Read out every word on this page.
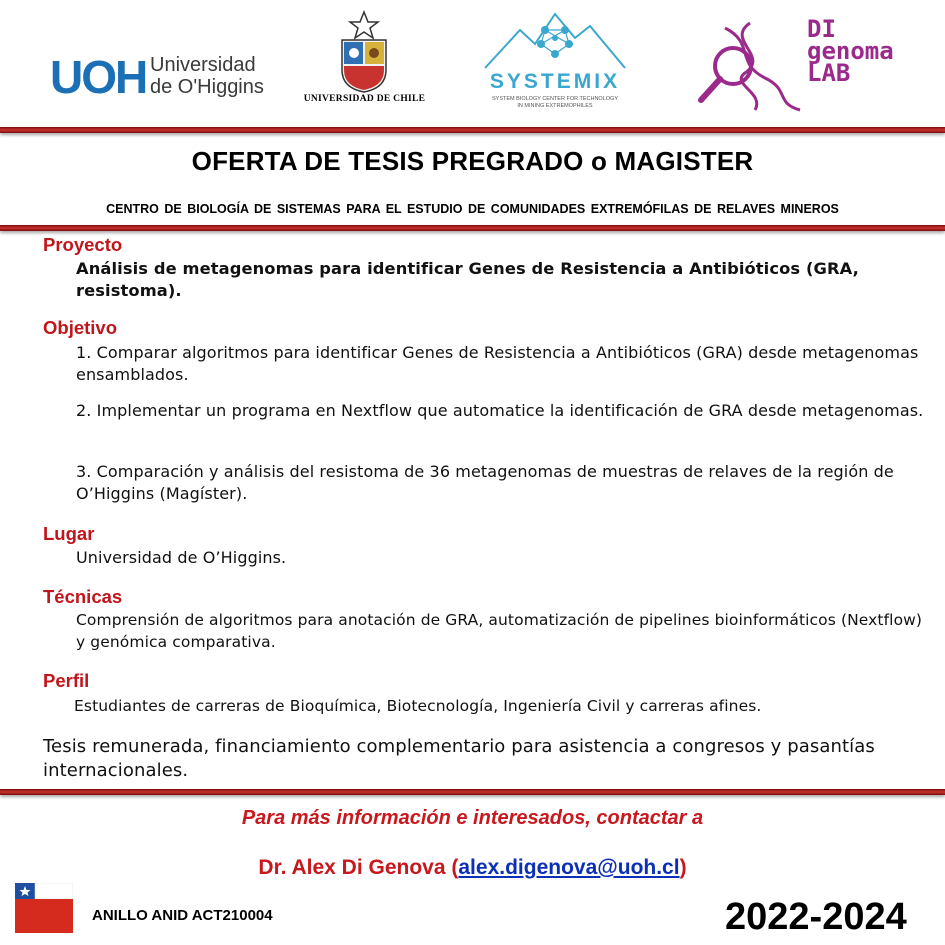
UOH Universidad
de O'Higgins
UNIVERSIDAD DE CHILE
SYSTEMIX
SYSTEM BIOLOGY CENTER FOR TECHNOLOGY
IN MINING EXTREMOPHILES
DI
genoma
LAB
OFERTA DE TESIS PREGRADO o MAGISTER
CENTRO DE BIOLOGÍA DE SISTEMAS PARA EL ESTUDIO DE COMUNIDADES EXTREMÓFILAS DE RELAVES MINEROS
Proyecto
Análisis de metagenomas para identificar Genes de Resistencia a Antibióticos (GRA, resistoma).
Objetivo
1. Comparar algoritmos para identificar Genes de Resistencia a Antibióticos (GRA) desde metagenomas ensamblados.
2. Implementar un programa en Nextflow que automatice la identificación de GRA desde metagenomas.
3. Comparación y análisis del resistoma de 36 metagenomas de muestras de relaves de la región de O’Higgins (Magíster).
Lugar
Universidad de O’Higgins.
Técnicas
Comprensión de algoritmos para anotación de GRA, automatización de pipelines bioinformáticos (Nextflow) y genómica comparativa.
Perfil
Estudiantes de carreras de Bioquímica, Biotecnología, Ingeniería Civil y carreras afines.
Tesis remunerada, financiamiento complementario para asistencia a congresos y pasantías internacionales.
Para más información e interesados, contactar a
Dr. Alex Di Genova (alex.digenova@uoh.cl)
ANILLO ANID ACT210004	2022-2024
